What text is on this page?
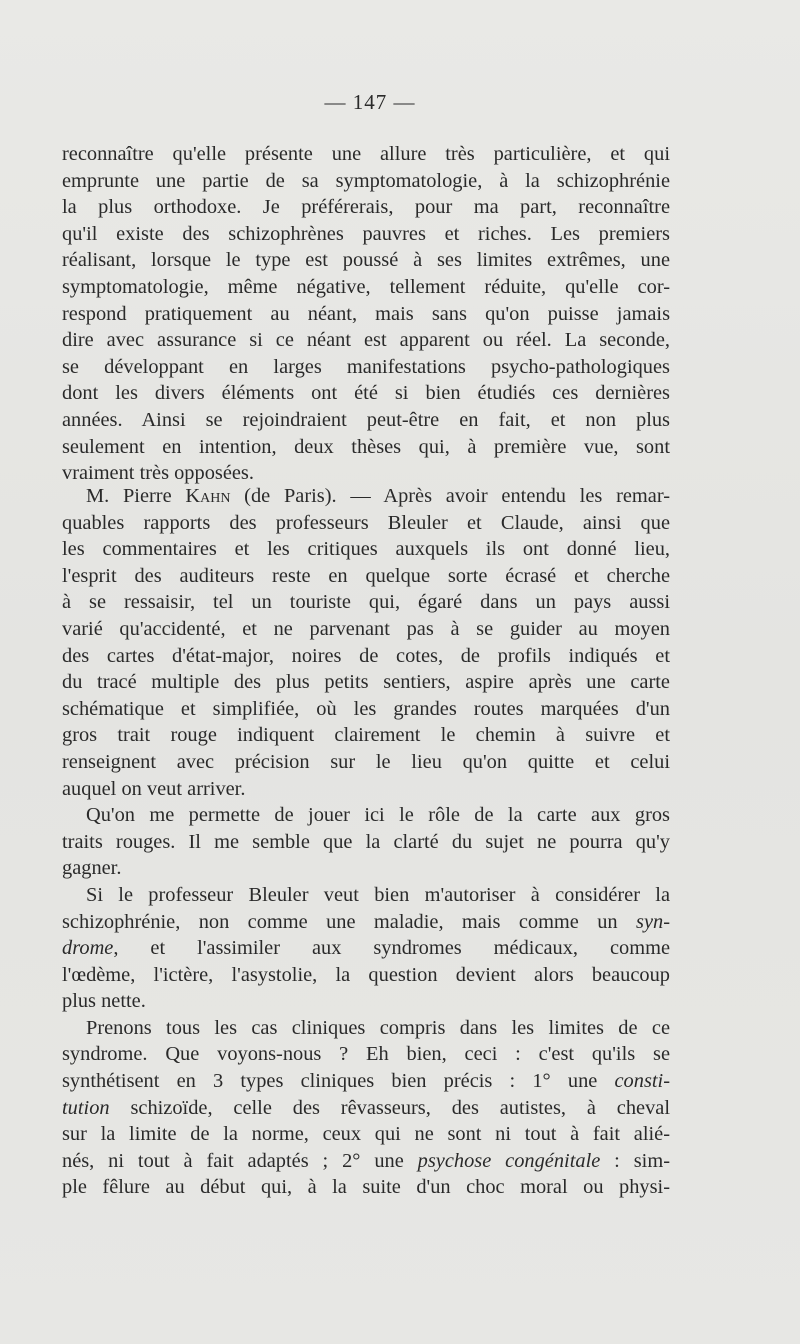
— 147 —
reconnaître qu'elle présente une allure très particulière, et qui
emprunte une partie de sa symptomatologie, à la schizophrénie
la plus orthodoxe. Je préférerais, pour ma part, reconnaître
qu'il existe des schizophrènes pauvres et riches. Les premiers
réalisant, lorsque le type est poussé à ses limites extrêmes, une
symptomatologie, même négative, tellement réduite, qu'elle cor-
respond pratiquement au néant, mais sans qu'on puisse jamais
dire avec assurance si ce néant est apparent ou réel. La seconde,
se développant en larges manifestations psycho-pathologiques
dont les divers éléments ont été si bien étudiés ces dernières
années. Ainsi se rejoindraient peut-être en fait, et non plus
seulement en intention, deux thèses qui, à première vue, sont
vraiment très opposées.
M. Pierre Kahn (de Paris). — Après avoir entendu les remar-
quables rapports des professeurs Bleuler et Claude, ainsi que
les commentaires et les critiques auxquels ils ont donné lieu,
l'esprit des auditeurs reste en quelque sorte écrasé et cherche
à se ressaisir, tel un touriste qui, égaré dans un pays aussi
varié qu'accidenté, et ne parvenant pas à se guider au moyen
des cartes d'état-major, noires de cotes, de profils indiqués et
du tracé multiple des plus petits sentiers, aspire après une carte
schématique et simplifiée, où les grandes routes marquées d'un
gros trait rouge indiquent clairement le chemin à suivre et
renseignent avec précision sur le lieu qu'on quitte et celui
auquel on veut arriver.
Qu'on me permette de jouer ici le rôle de la carte aux gros
traits rouges. Il me semble que la clarté du sujet ne pourra qu'y
gagner.
Si le professeur Bleuler veut bien m'autoriser à considérer la
schizophrénie, non comme une maladie, mais comme un syn-
drome, et l'assimiler aux syndromes médicaux, comme
l'œdème, l'ictère, l'asystolie, la question devient alors beaucoup
plus nette.
Prenons tous les cas cliniques compris dans les limites de ce
syndrome. Que voyons-nous ? Eh bien, ceci : c'est qu'ils se
synthétisent en 3 types cliniques bien précis : 1° une consti-
tution schizoïde, celle des rêvasseurs, des autistes, à cheval
sur la limite de la norme, ceux qui ne sont ni tout à fait alié-
nés, ni tout à fait adaptés ; 2° une psychose congénitale : sim-
ple fêlure au début qui, à la suite d'un choc moral ou physi-
